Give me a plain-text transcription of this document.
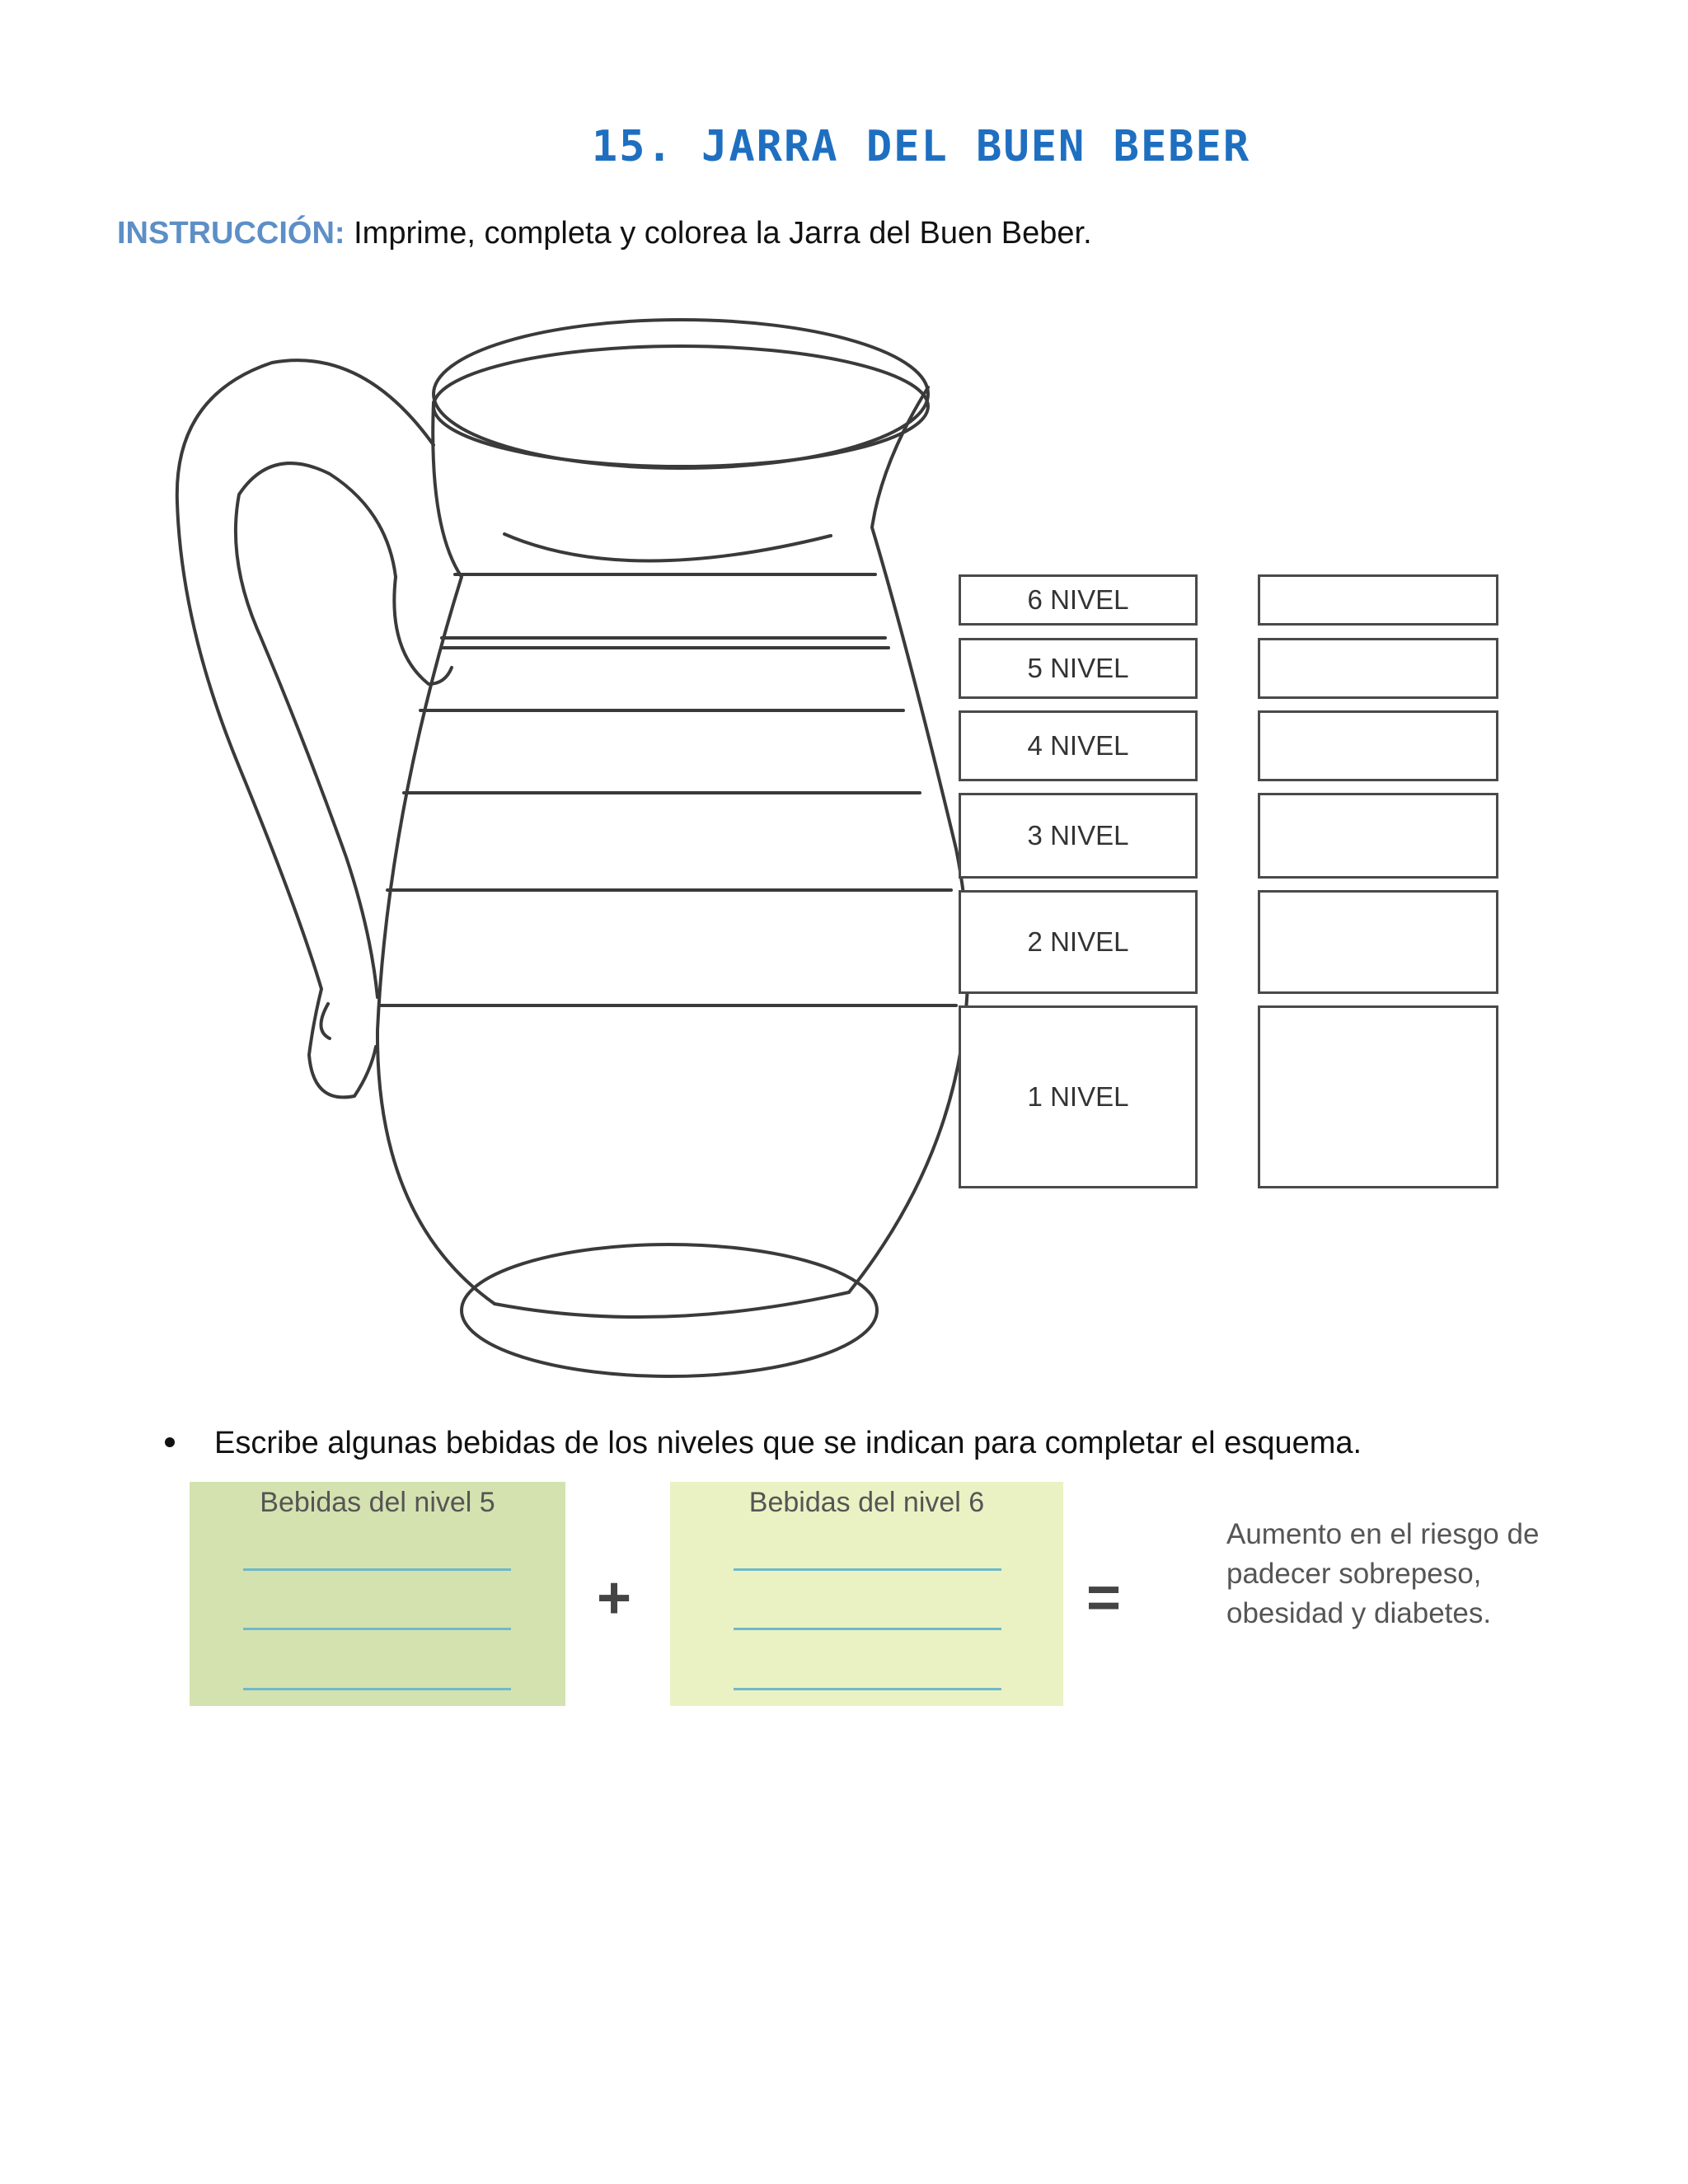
15. JARRA DEL BUEN BEBER
INSTRUCCIÓN: Imprime, completa y colorea la Jarra del Buen Beber.
6 NIVEL
5 NIVEL
4 NIVEL
3 NIVEL
2 NIVEL
1 NIVEL
Escribe algunas bebidas de los niveles que se indican para completar el esquema.
Bebidas del nivel 5
+
Bebidas del nivel 6
=
Aumento en el riesgo de padecer sobrepeso, obesidad y diabetes.
